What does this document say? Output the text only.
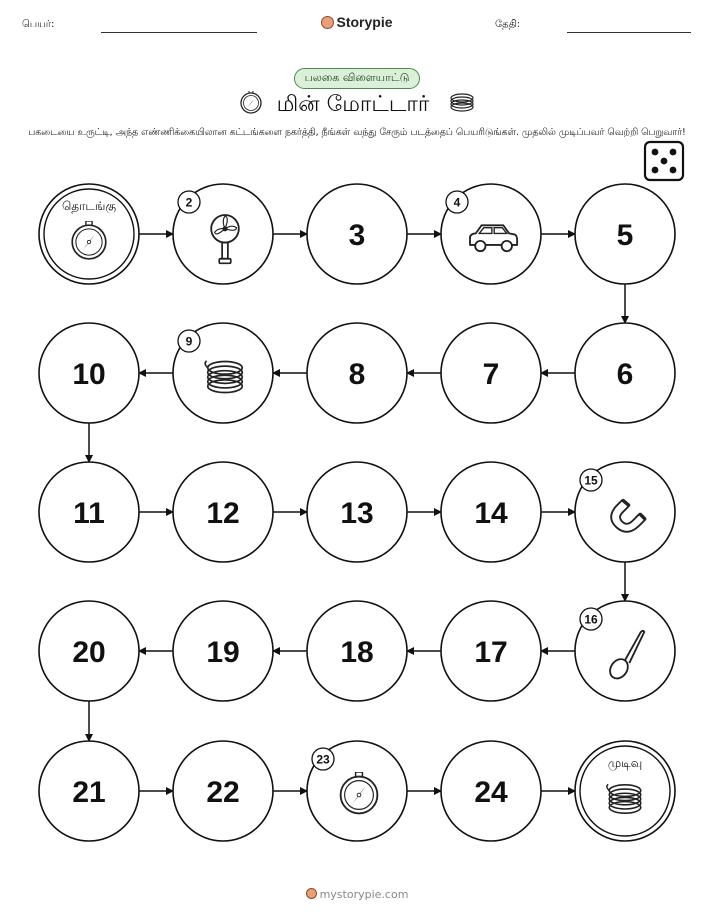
பெயர்:	Storypie	தேதி:
பலகை விளையாட்டு
மின் மோட்டார்
பகடையை உருட்டி, அந்த எண்ணிக்கையிலான கட்டங்களை நகர்த்தி, நீங்கள் வந்து சேரும் படத்தைப் பெயரிடுங்கள். முதலில் முடிப்பவர் வெற்றி பெறுவார்!
தொடங்கு	2
3
4
5
6
7
8
9
10
11	12	13	14
15
16
17
18
19
20
21	22
23
24
முடிவு
mystorypie.com
